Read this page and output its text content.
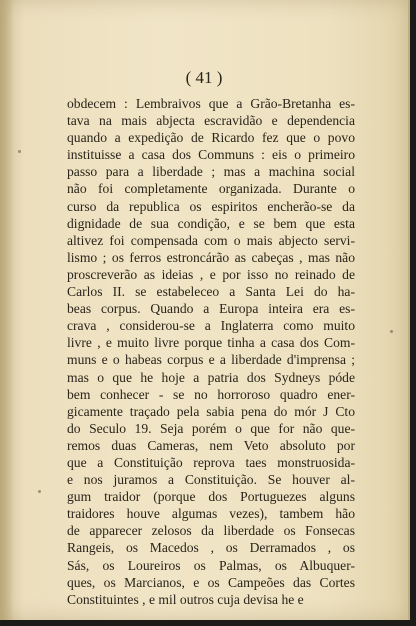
( 41 )
obdecem : Lembraivos que a Grão-Bretanha es-
tava na mais abjecta escravidão e dependencia
quando a expedição de Ricardo fez que o povo
instituisse a casa dos Communs : eis o primeiro
passo para a liberdade ; mas a machina social
não foi completamente organizada. Durante o
curso da republica os espiritos encherão-se da
dignidade de sua condição, e se bem que esta
altivez foi compensada com o mais abjecto servi-
lismo ; os ferros estroncárão as cabeças , mas não
proscreverão as ideias , e por isso no reinado de
Carlos II. se estabeleceo a Santa Lei do ha-
beas corpus. Quando a Europa inteira era es-
crava , considerou-se a Inglaterra como muito
livre , e muito livre porque tinha a casa dos Com-
muns e o habeas corpus e a liberdade d'imprensa ;
mas o que he hoje a patria dos Sydneys póde
bem conhecer - se no horroroso quadro ener-
gicamente traçado pela sabia pena do mór J Cto
do Seculo 19. Seja porém o que for não que-
remos duas Cameras, nem Veto absoluto por
que a Constituição reprova taes monstruosida-
e nos juramos a Constituição. Se houver al-
gum traidor (porque dos Portuguezes alguns
traidores houve algumas vezes), tambem hão
de apparecer zelosos da liberdade os Fonsecas
Rangeis, os Macedos , os Derramados , os
Sás, os Loureiros os Palmas, os Albuquer-
ques, os Marcianos, e os Campeões das Cortes
Constituintes , e mil outros cuja devisa he e
